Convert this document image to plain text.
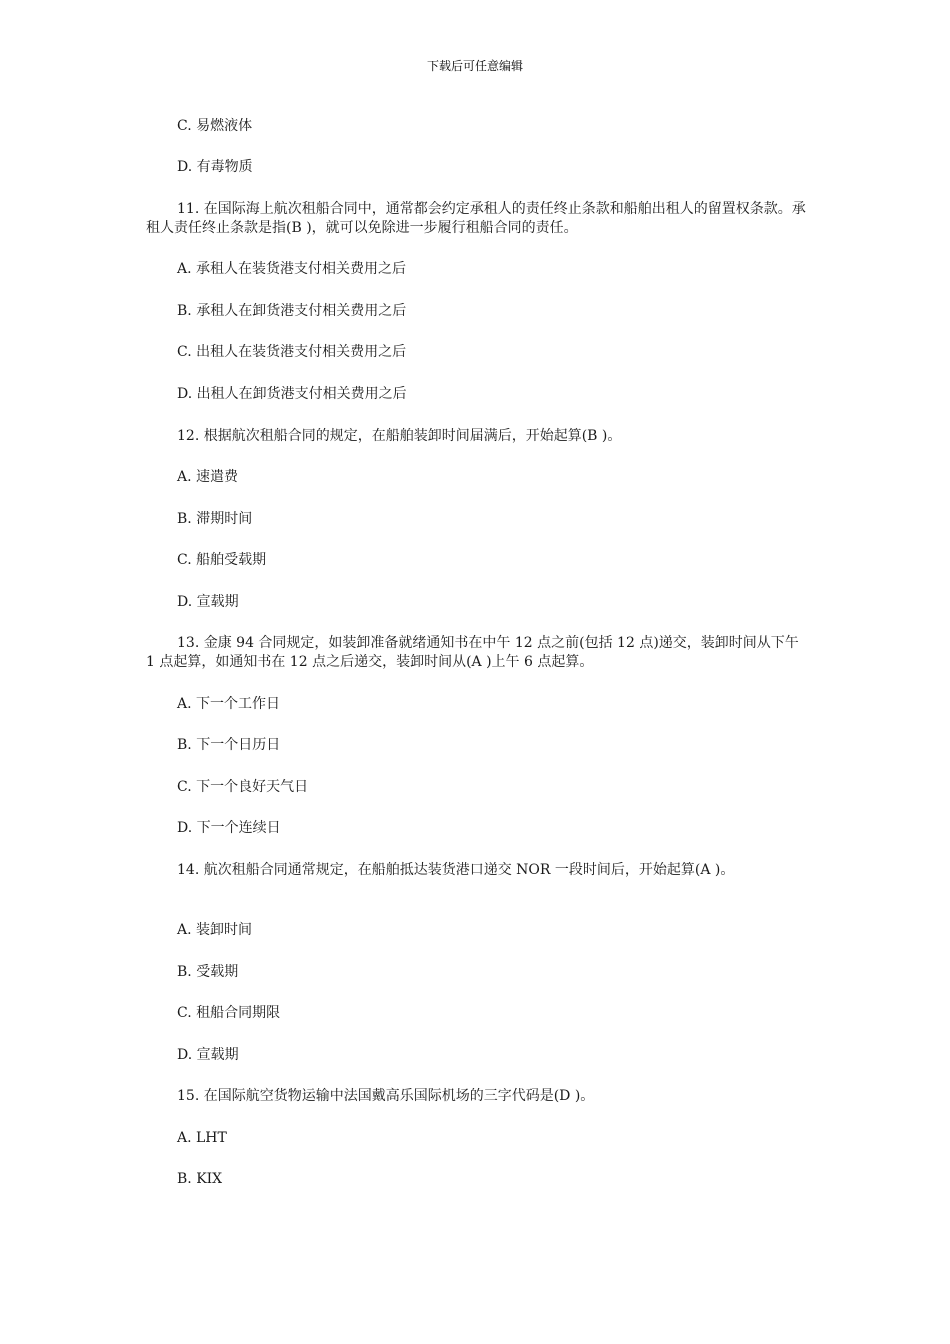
下载后可任意编辑
C. 易燃液体
D. 有毒物质
11. 在国际海上航次租船合同中，通常都会约定承租人的责任终止条款和船舶出租人的留置权条款。承租人责任终止条款是指(B )，就可以免除进一步履行租船合同的责任。
A. 承租人在装货港支付相关费用之后
B. 承租人在卸货港支付相关费用之后
C. 出租人在装货港支付相关费用之后
D. 出租人在卸货港支付相关费用之后
12. 根据航次租船合同的规定，在船舶装卸时间届满后，开始起算(B )。
A. 速遣费
B. 滞期时间
C. 船舶受载期
D. 宣载期
13. 金康 94 合同规定，如装卸准备就绪通知书在中午 12 点之前(包括 12 点)递交，装卸时间从下午 1 点起算，如通知书在 12 点之后递交，装卸时间从(A )上午 6 点起算。
A. 下一个工作日
B. 下一个日历日
C. 下一个良好天气日
D. 下一个连续日
14. 航次租船合同通常规定，在船舶抵达装货港口递交 NOR 一段时间后，开始起算(A )。
A. 装卸时间
B. 受载期
C. 租船合同期限
D. 宣载期
15. 在国际航空货物运输中法国戴高乐国际机场的三字代码是(D )。
A. LHT
B. KIX
